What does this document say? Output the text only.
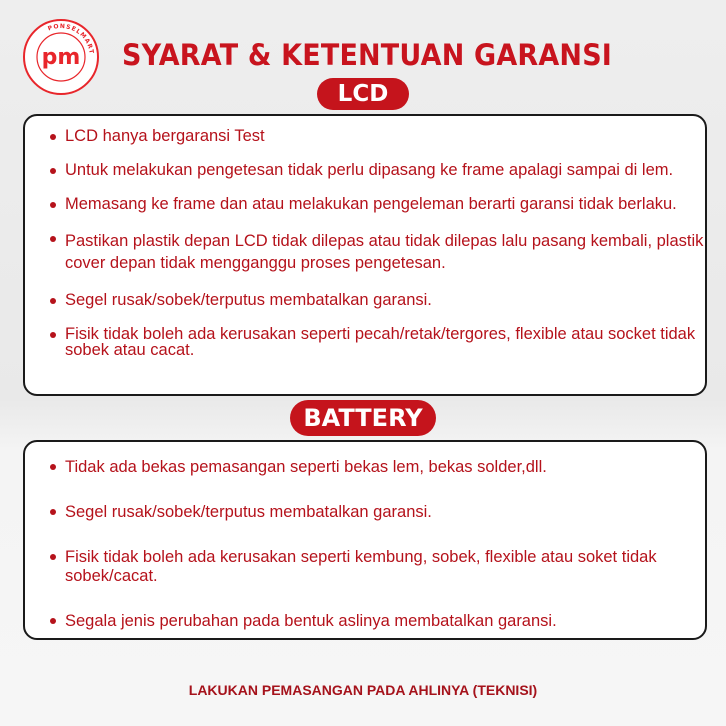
PONSELMART
pm SYARAT & KETENTUAN GARANSI
LCD
LCD hanya bergaransi Test
Untuk melakukan pengetesan tidak perlu dipasang ke frame apalagi sampai di lem.
Memasang ke frame dan atau melakukan pengeleman berarti garansi tidak berlaku.
Pastikan plastik depan LCD tidak dilepas atau tidak dilepas lalu pasang kembali, plastik cover depan tidak mengganggu proses pengetesan.
Segel rusak/sobek/terputus membatalkan garansi.
Fisik tidak boleh ada kerusakan seperti pecah/retak/tergores, flexible atau socket tidak sobek atau cacat.
BATTERY
Tidak ada bekas pemasangan seperti bekas lem, bekas solder,dll.
Segel rusak/sobek/terputus membatalkan garansi.
Fisik tidak boleh ada kerusakan seperti kembung, sobek, flexible atau soket tidak sobek/cacat.
Segala jenis perubahan pada bentuk aslinya membatalkan garansi.
LAKUKAN PEMASANGAN PADA AHLINYA (TEKNISI)
